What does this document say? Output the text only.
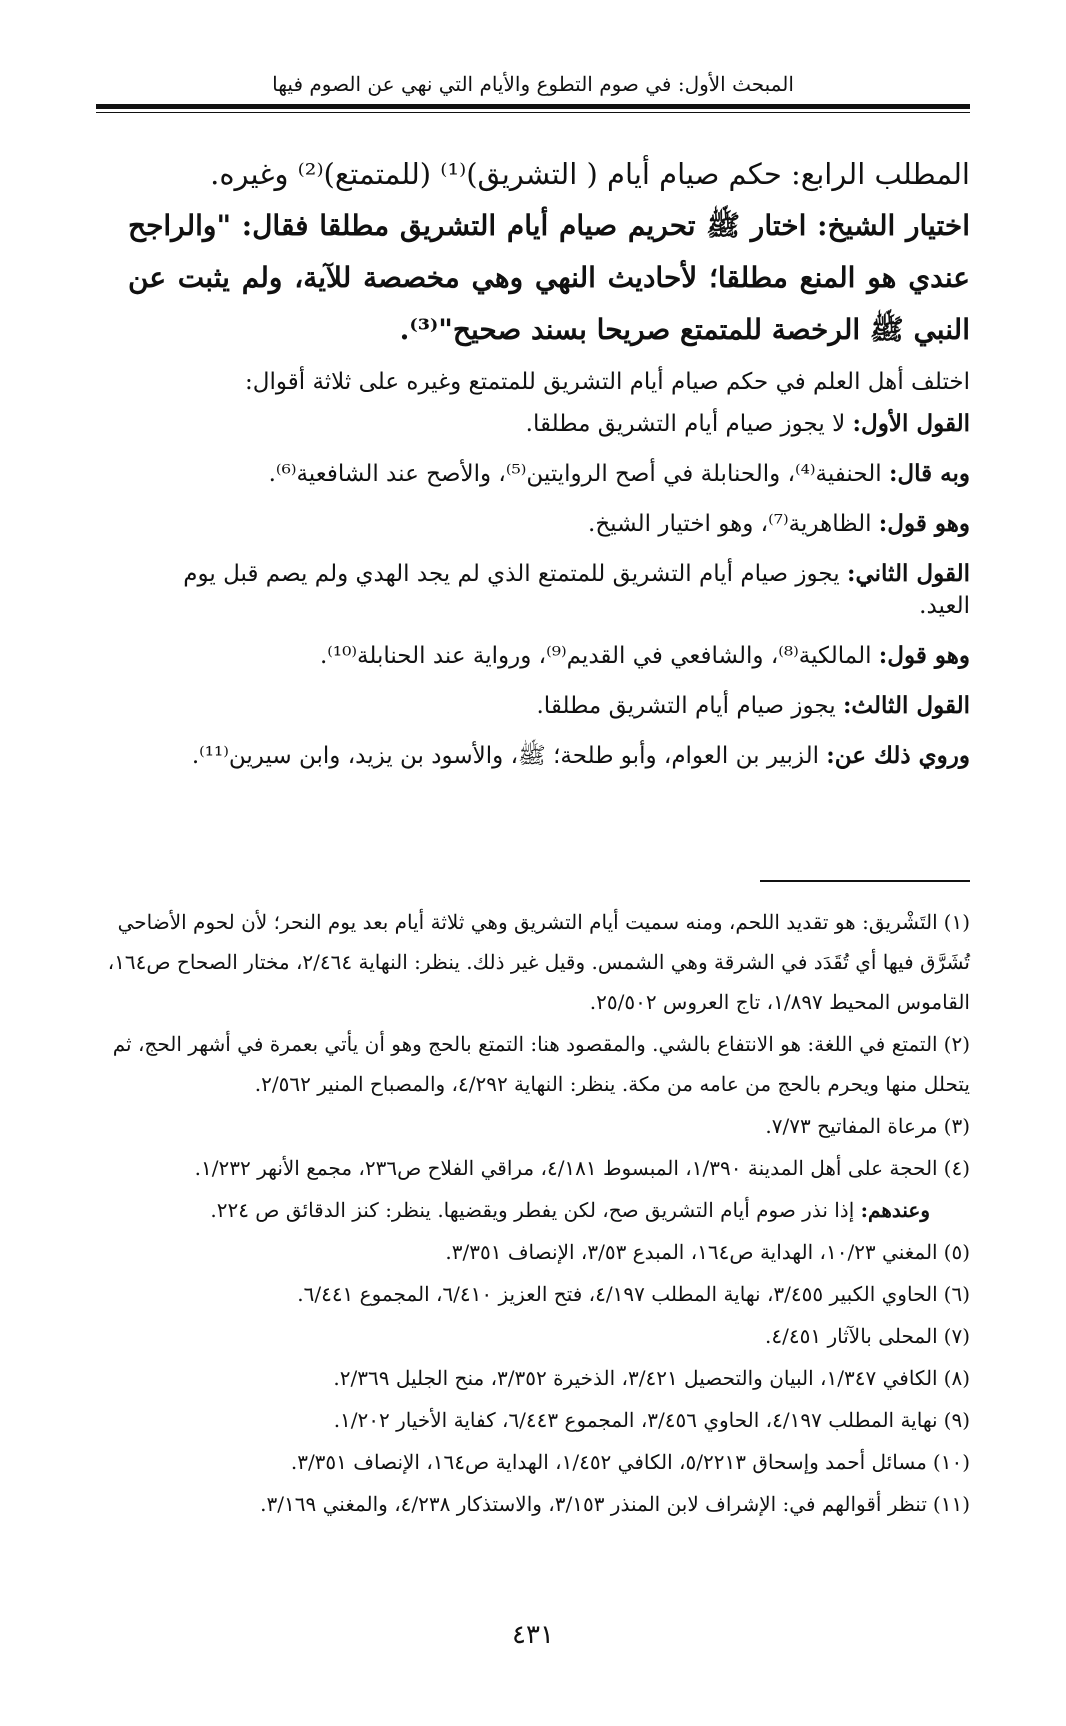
المبحث الأول: في صوم التطوع والأيام التي نهي عن الصوم فيها
المطلب الرابع: حكم صيام أيام ( التشريق)⁽¹⁾ (للمتمتع)⁽²⁾ وغيره.
اختيار الشيخ: اختار ﷺ تحريم صيام أيام التشريق مطلقا فقال: "والراجح عندي هو المنع مطلقا؛ لأحاديث النهي وهي مخصصة للآية، ولم يثبت عن النبي ﷺ الرخصة للمتمتع صريحا بسند صحيح"⁽³⁾.

اختلف أهل العلم في حكم صيام أيام التشريق للمتمتع وغيره على ثلاثة أقوال:

القول الأول: لا يجوز صيام أيام التشريق مطلقا.

وبه قال: الحنفية⁽⁴⁾، والحنابلة في أصح الروايتين⁽⁵⁾، والأصح عند الشافعية⁽⁶⁾.

وهو قول: الظاهرية⁽⁷⁾، وهو اختيار الشيخ.

القول الثاني: يجوز صيام أيام التشريق للمتمتع الذي لم يجد الهدي ولم يصم قبل يوم العيد.

وهو قول: المالكية⁽⁸⁾، والشافعي في القديم⁽⁹⁾، ورواية عند الحنابلة⁽¹⁰⁾.

القول الثالث: يجوز صيام أيام التشريق مطلقا.

وروي ذلك عن: الزبير بن العوام، وأبو طلحة؛ ﷺ، والأسود بن يزيد، وابن سيرين⁽¹¹⁾.

(١)التَشْريق: هو تقديد اللحم، ومنه سميت أيام التشريق وهي ثلاثة أيام بعد يوم النحر؛ لأن لحوم الأضاحي تُشَرَّق فيها أي تُقَدَد في الشرقة وهي الشمس. وقيل غير ذلك. ينظر: النهاية ٢/٤٦٤، مختار الصحاح ص١٦٤، القاموس المحيط ١/٨٩٧، تاج العروس ٢٥/٥٠٢.

(٢)التمتع في اللغة: هو الانتفاع بالشي. والمقصود هنا: التمتع بالحج وهو أن يأتي بعمرة في أشهر الحج، ثم يتحلل منها ويحرم بالحج من عامه من مكة. ينظر: النهاية ٤/٢٩٢، والمصباح المنير ٢/٥٦٢.

(٣)مرعاة المفاتيح ٧/٧٣.

(٤)الحجة على أهل المدينة ١/٣٩٠، المبسوط ٤/١٨١، مراقي الفلاح ص٢٣٦، مجمع الأنهر ١/٢٣٢.

وعندهم: إذا نذر صوم أيام التشريق صح، لكن يفطر ويقضيها. ينظر: كنز الدقائق ص ٢٢٤.

(٥)المغني ١٠/٢٣، الهداية ص١٦٤، المبدع ٣/٥٣، الإنصاف ٣/٣٥١.

(٦)الحاوي الكبير ٣/٤٥٥، نهاية المطلب ٤/١٩٧، فتح العزيز ٦/٤١٠، المجموع ٦/٤٤١.

(٧)المحلى بالآثار ٤/٤٥١.

(٨)الكافي ١/٣٤٧، البيان والتحصيل ٣/٤٢١، الذخيرة ٣/٣٥٢، منح الجليل ٢/٣٦٩.

(٩)نهاية المطلب ٤/١٩٧، الحاوي ٣/٤٥٦، المجموع ٦/٤٤٣، كفاية الأخيار ١/٢٠٢.

(١٠)مسائل أحمد وإسحاق ٥/٢٢١٣، الكافي ١/٤٥٢، الهداية ص١٦٤، الإنصاف ٣/٣٥١.

(١١)تنظر أقوالهم في: الإشراف لابن المنذر ٣/١٥٣، والاستذكار ٤/٢٣٨، والمغني ٣/١٦٩.

٤٣١
